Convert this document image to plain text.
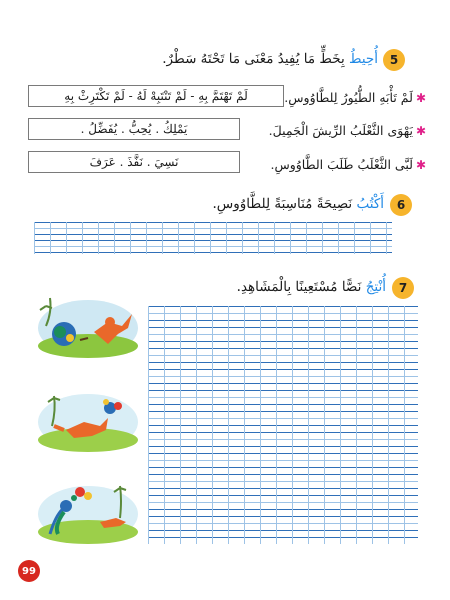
5
أُحِيطُ بِخَطٍّ مَا يُفِيدُ مَعْنَى مَا تَحْتَهُ سَطْرٌ.
✱لَمْ تَأْبَهِ الطُّيُورُ لِلطَّاوُوسِ.
لَمْ تَهْتَمَّ بِهِ - لَمْ تَنْتَبِهْ لَهُ - لَمْ تَكْتَرِثْ بِهِ
✱يَهْوَى الثَّعْلَبُ الرِّيشَ الْجَمِيلَ.
يَمْلِكُ . يُحِبُّ . يُفَضِّلُ .
✱لَبَّى الثَّعْلَبُ طَلَبَ الطَّاوُوسِ.
نَسِيَ . نَفَّذَ . عَرَفَ
6
أَكْتُبُ نَصِيحَةً مُنَاسِبَةً لِلطَّاوُوسِ.
7
أُنْتِجُ نَصًّا مُسْتَعِينًا بِالْمَشَاهِدِ.
99
